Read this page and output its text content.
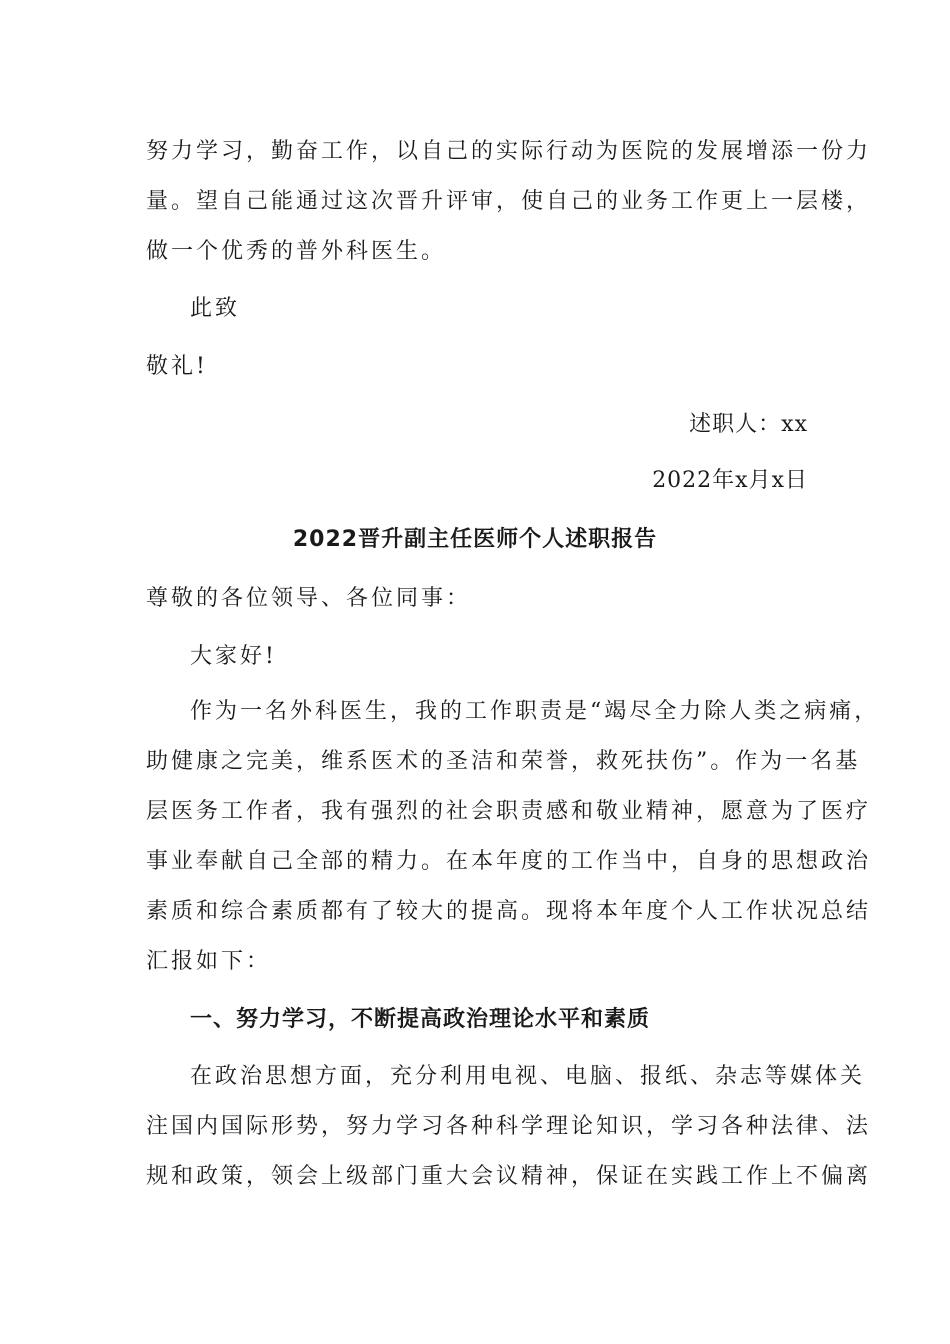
努力学习，勤奋工作，以自己的实际行动为医院的发展增添一份力
量。望自己能通过这次晋升评审，使自己的业务工作更上一层楼，
做一个优秀的普外科医生。
此致
敬礼!
述职人：xx
2022年x月x日
2022晋升副主任医师个人述职报告
尊敬的各位领导、各位同事：
大家好!
作为一名外科医生，我的工作职责是“竭尽全力除人类之病痛，
助健康之完美，维系医术的圣洁和荣誉，救死扶伤”。作为一名基
层医务工作者，我有强烈的社会职责感和敬业精神，愿意为了医疗
事业奉献自己全部的精力。在本年度的工作当中，自身的思想政治
素质和综合素质都有了较大的提高。现将本年度个人工作状况总结
汇报如下：
一、努力学习，不断提高政治理论水平和素质
在政治思想方面，充分利用电视、电脑、报纸、杂志等媒体关
注国内国际形势，努力学习各种科学理论知识，学习各种法律、法
规和政策，领会上级部门重大会议精神，保证在实践工作上不偏离
